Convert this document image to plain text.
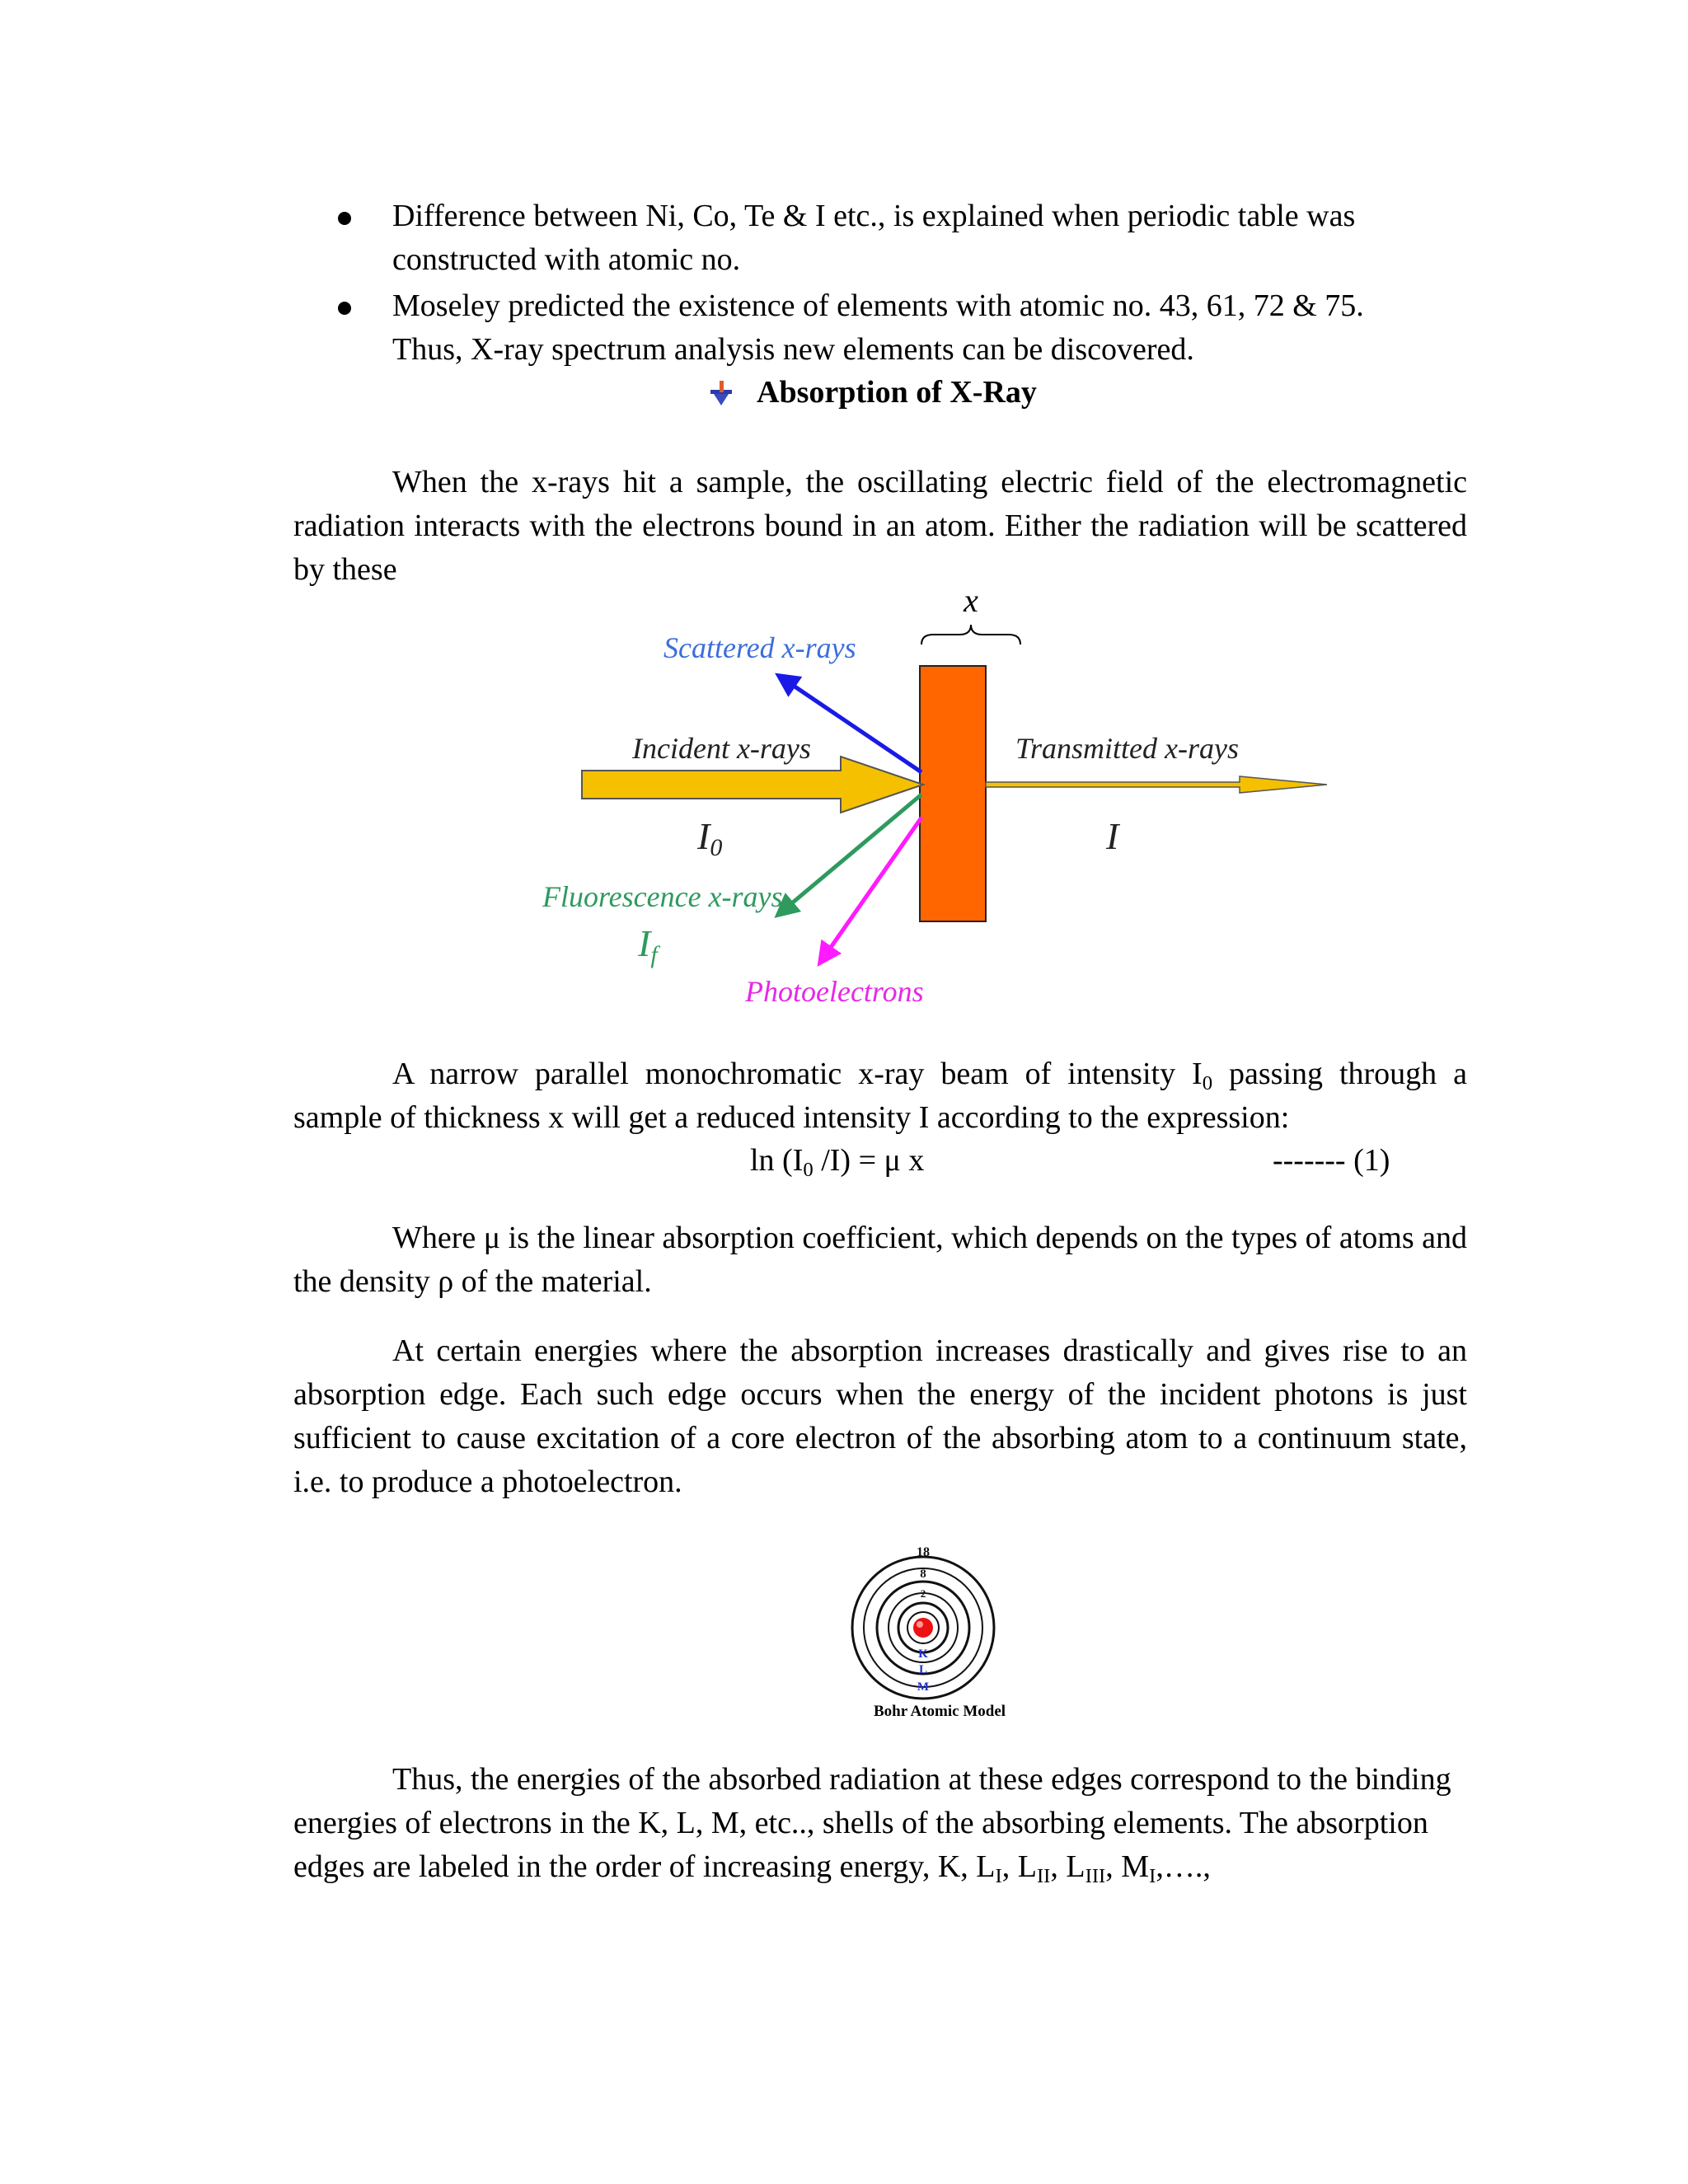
Difference between Ni, Co, Te & I etc., is explained when periodic table was
constructed with atomic no.
Moseley predicted the existence of elements with atomic no. 43, 61, 72 & 75.
Thus, X-ray spectrum analysis new elements can be discovered.
Absorption of X-Ray
When the x-rays hit a sample, the oscillating electric field of the electromagnetic radiation interacts with the electrons bound in an atom. Either the radiation will be scattered by these
x
Scattered x-rays
Incident x-rays	Transmitted x-rays
I0	I
Fluorescence x-rays
If
Photoelectrons
A narrow parallel monochromatic x-ray beam of intensity $I_0$ passing through a sample of thickness x will get a reduced intensity I according to the expression:
$\ln (I_0$ /I) = μ x	------- (1)
Where μ is the linear absorption coefficient, which depends on the types of atoms and the density ρ of the material.
At certain energies where the absorption increases drastically and gives rise to an absorption edge. Each such edge occurs when the energy of the incident photons is just sufficient to cause excitation of a core electron of the absorbing atom to a continuum state, i.e. to produce a photoelectron.
18
8
2
K
L
M
Bohr Atomic Model
Thus, the energies of the absorbed radiation at these edges correspond to the binding energies of electrons in the K, L, M, etc.., shells of the absorbing elements. The absorption edges are labeled in the order of increasing energy, K, $L_I$, $L_{II}$, $L_{III}$, $M_I,\dots$.,
